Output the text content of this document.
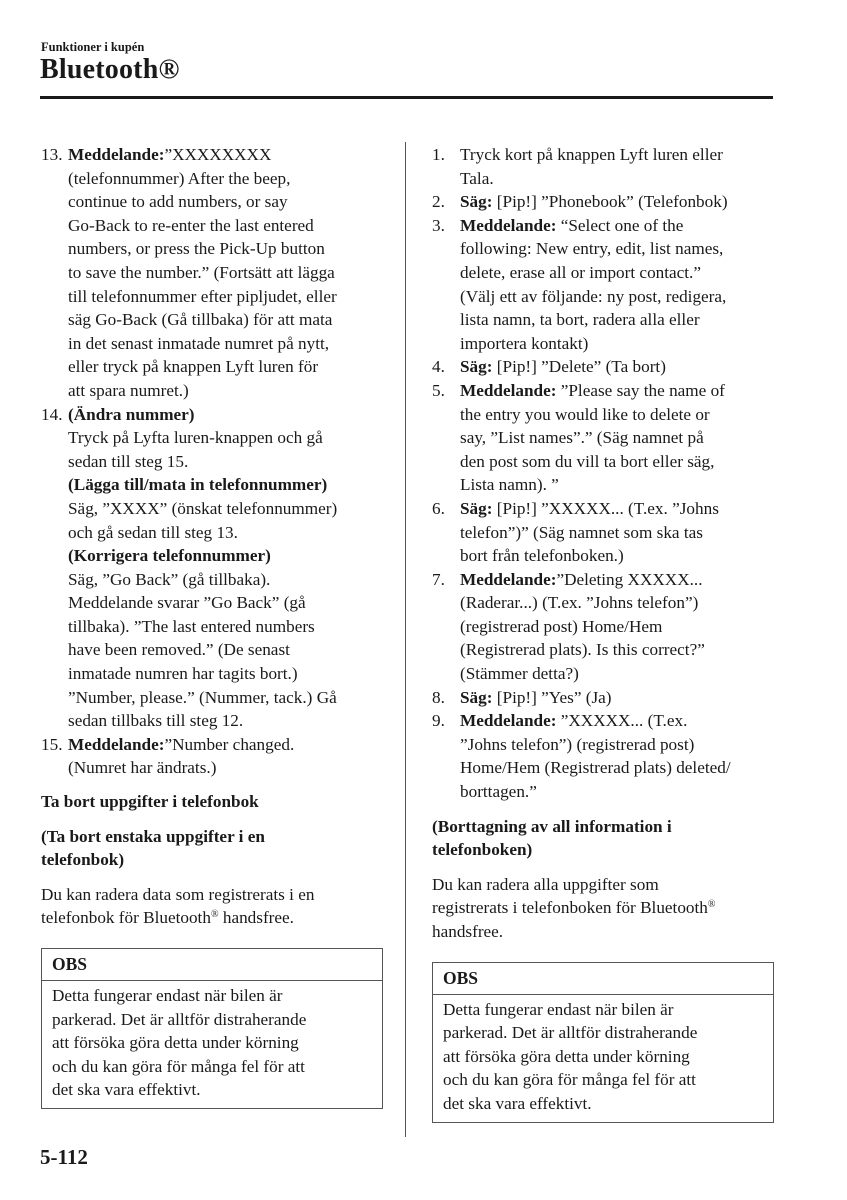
Funktioner i kupén
Bluetooth®
13. Meddelande:”XXXXXXXX
(telefonnummer) After the beep,
continue to add numbers, or say
Go-Back to re-enter the last entered
numbers, or press the Pick-Up button
to save the number.” (Fortsätt att lägga
till telefonnummer efter pipljudet, eller
säg Go-Back (Gå tillbaka) för att mata
in det senast inmatade numret på nytt,
eller tryck på knappen Lyft luren för
att spara numret.)
14. (Ändra nummer)
Tryck på Lyfta luren-knappen och gå
sedan till steg 15.
(Lägga till/mata in telefonnummer)
Säg, ”XXXX” (önskat telefonnummer)
och gå sedan till steg 13.
(Korrigera telefonnummer)
Säg, ”Go Back” (gå tillbaka).
Meddelande svarar ”Go Back” (gå
tillbaka). ”The last entered numbers
have been removed.” (De senast
inmatade numren har tagits bort.)
”Number, please.” (Nummer, tack.) Gå
sedan tillbaks till steg 12.
15. Meddelande:”Number changed.
(Numret har ändrats.)
Ta bort uppgifter i telefonbok
(Ta bort enstaka uppgifter i en
telefonbok)
Du kan radera data som registrerats i en
telefonbok för Bluetooth® handsfree.
OBS
Detta fungerar endast när bilen är
parkerad. Det är alltför distraherande
att försöka göra detta under körning
och du kan göra för många fel för att
det ska vara effektivt.
1. Tryck kort på knappen Lyft luren eller
Tala.
2. Säg: [Pip!] ”Phonebook” (Telefonbok)
3. Meddelande: “Select one of the
following: New entry, edit, list names,
delete, erase all or import contact.”
(Välj ett av följande: ny post, redigera,
lista namn, ta bort, radera alla eller
importera kontakt)
4. Säg: [Pip!] ”Delete” (Ta bort)
5. Meddelande: ”Please say the name of
the entry you would like to delete or
say, ”List names”.” (Säg namnet på
den post som du vill ta bort eller säg,
Lista namn). ”
6. Säg: [Pip!] ”XXXXX... (T.ex. ”Johns
telefon”)” (Säg namnet som ska tas
bort från telefonboken.)
7. Meddelande:”Deleting XXXXX...
(Raderar...) (T.ex. ”Johns telefon”)
(registrerad post) Home/Hem
(Registrerad plats). Is this correct?”
(Stämmer detta?)
8. Säg: [Pip!] ”Yes” (Ja)
9. Meddelande: ”XXXXX... (T.ex.
”Johns telefon”) (registrerad post)
Home/Hem (Registrerad plats) deleted/
borttagen.”
(Borttagning av all information i
telefonboken)
Du kan radera alla uppgifter som
registrerats i telefonboken för Bluetooth®
handsfree.
OBS
Detta fungerar endast när bilen är
parkerad. Det är alltför distraherande
att försöka göra detta under körning
och du kan göra för många fel för att
det ska vara effektivt.
5-112
